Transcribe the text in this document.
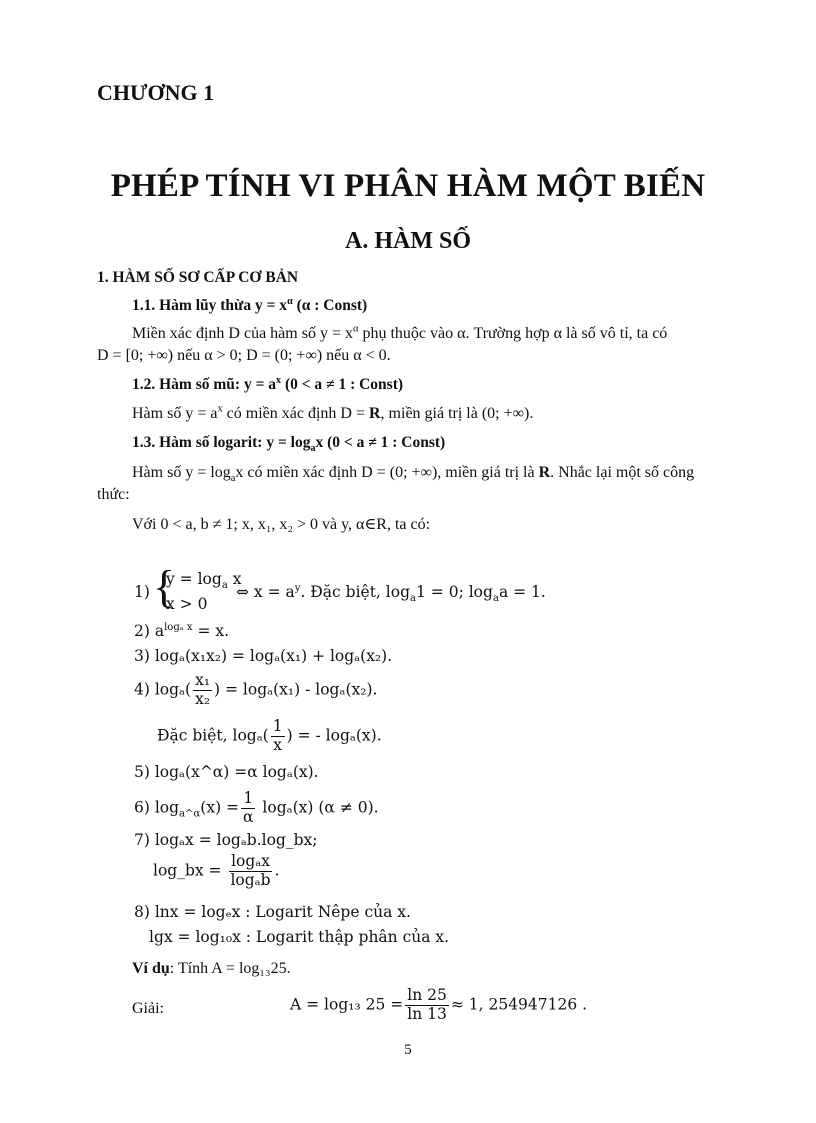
CHƯƠNG 1
PHÉP TÍNH VI PHÂN HÀM MỘT BIẾN
A. HÀM SỐ
1. HÀM SỐ SƠ CẤP CƠ BẢN
1.1. Hàm lũy thừa $y = x^\alpha$ (α : Const)
Miền xác định D của hàm số $y = x^\alpha$ phụ thuộc vào α. Trường hợp α là số vô tỉ, ta có
D = [0; +∞) nếu α > 0; D = (0; +∞) nếu α < 0.
1.2. Hàm số mũ: $y = a^x$ (0 < a ≠ 1 : Const)
Hàm số $y = a^x$ có miền xác định D = R, miền giá trị là (0; +∞).
1.3. Hàm số logarit: $y = \log_ax$ (0 < a ≠ 1 : Const)
Hàm số $y = \log_ax$ có miền xác định D = (0; +∞), miền giá trị là R. Nhắc lại một số công
thức:
Với 0 < a, b ≠ 1; x, x₁, x₂ > 0 và y, α∈R, ta có:
1) {
$y = \log_a x$
x > 0
⇔ $x = a^y$. Đặc biệt, $\log_a1 = 0$; $\log_aa = 1$.
2) $a^{log_a x} = x$.
3) logₐ(x₁x₂) = logₐ(x₁) + logₐ(x₂).
4) $\log_a( \frac{\text{x₁}}{\text{x₂}}$ ) = logₐ(x₁) - logₐ(x₂).
Đặc biệt, $\log_a( \frac{1}{x}$ ) = - logₐ(x).
5) logₐ(x^α) =α logₐ(x).
6) $\log_{a\^{}\alpha}(x) = \frac{1}{\alpha} \log_a(x) (\alpha \ne 0)$.
7) logₐx = logₐb.log_bx;
log_bx = $\frac{\text{logₐx}}{\text{logₐb}}$ .
8) lnx = logₑx : Logarit Nêpe của x.
lgx = log₁₀x : Logarit thập phân của x.
Ví dụ: Tính A = log₁₃25.
Giải:	A = log₁₃ $25 = \frac{\ln 25}{\ln 13} \approx 1$, 254947126 .
5
